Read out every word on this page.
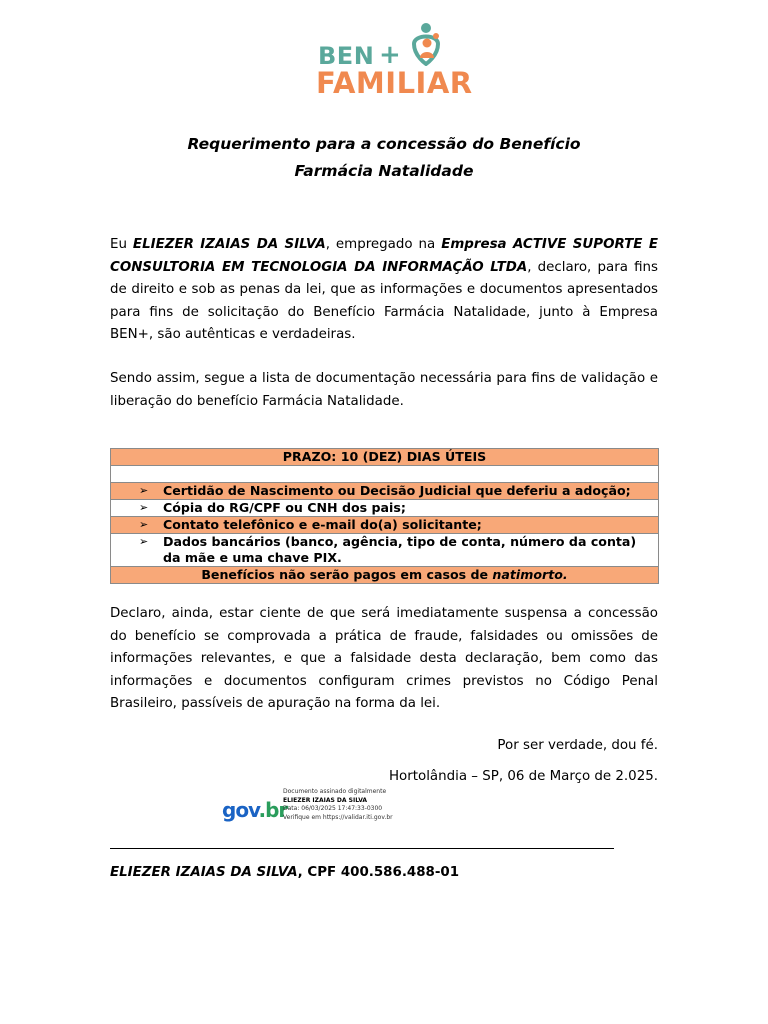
BEN +
FAMILIAR
Requerimento para a concessão do Benefício
Farmácia Natalidade
Eu ELIEZER IZAIAS DA SILVA, empregado na Empresa ACTIVE SUPORTE E CONSULTORIA EM TECNOLOGIA DA INFORMAÇÃO LTDA, declaro, para fins de direito e sob as penas da lei, que as informações e documentos apresentados para fins de solicitação do Benefício Farmácia Natalidade, junto à Empresa BEN+, são autênticas e verdadeiras.
Sendo assim, segue a lista de documentação necessária para fins de validação e liberação do benefício Farmácia Natalidade.
PRAZO: 10 (DEZ) DIAS ÚTEIS

➢ Certidão de Nascimento ou Decisão Judicial que deferiu a adoção;

➢ Cópia do RG/CPF ou CNH dos pais;

➢ Contato telefônico e e-mail do(a) solicitante;

➢ Dados bancários (banco, agência, tipo de conta, número da conta) da mãe e uma chave PIX.

Benefícios não serão pagos em casos de natimorto.
Declaro, ainda, estar ciente de que será imediatamente suspensa a concessão do benefício se comprovada a prática de fraude, falsidades ou omissões de informações relevantes, e que a falsidade desta declaração, bem como das informações e documentos configuram crimes previstos no Código Penal Brasileiro, passíveis de apuração na forma da lei.
Por ser verdade, dou fé.
Hortolândia – SP, 06 de Março de 2.025.
gov.br
Documento assinado digitalmente
ELIEZER IZAIAS DA SILVA
Data: 06/03/2025 17:47:33-0300
Verifique em https://validar.iti.gov.br
ELIEZER IZAIAS DA SILVA, CPF 400.586.488-01
